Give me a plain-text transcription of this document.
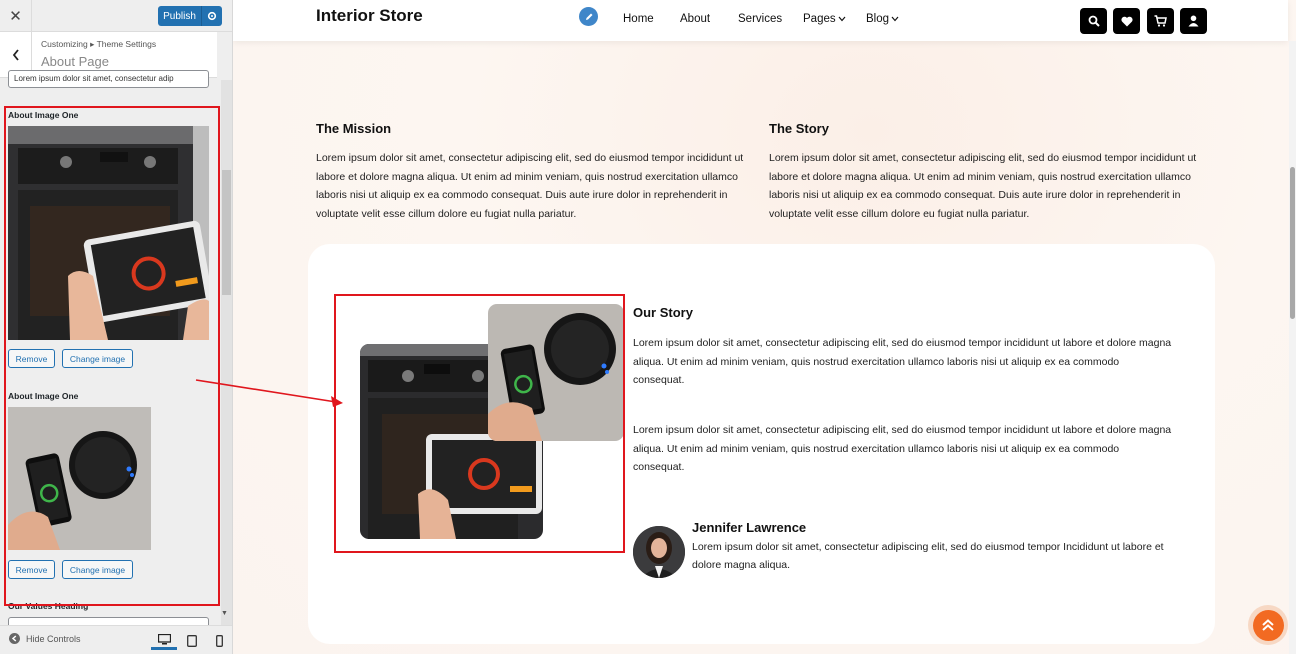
✕	Publish
Customizing ▸ Theme Settings
About Page
Lorem ipsum dolor sit amet, consectetur adip
About Image One
Remove	Change image
About Image One
Remove	Change image
Our Values Heading
▼
Hide Controls
Interior Store	Home About Services Pages	Blog
The Mission
Lorem ipsum dolor sit amet, consectetur adipiscing elit, sed do eiusmod tempor incididunt ut labore et dolore magna aliqua. Ut enim ad minim veniam, quis nostrud exercitation ullamco laboris nisi ut aliquip ex ea commodo consequat. Duis aute irure dolor in reprehenderit in voluptate velit esse cillum dolore eu fugiat nulla pariatur.
The Story
Lorem ipsum dolor sit amet, consectetur adipiscing elit, sed do eiusmod tempor incididunt ut labore et dolore magna aliqua. Ut enim ad minim veniam, quis nostrud exercitation ullamco laboris nisi ut aliquip ex ea commodo consequat. Duis aute irure dolor in reprehenderit in voluptate velit esse cillum dolore eu fugiat nulla pariatur.
Our Story
Lorem ipsum dolor sit amet, consectetur adipiscing elit, sed do eiusmod tempor incididunt ut labore et dolore magna aliqua. Ut enim ad minim veniam, quis nostrud exercitation ullamco laboris nisi ut aliquip ex ea commodo consequat.
Lorem ipsum dolor sit amet, consectetur adipiscing elit, sed do eiusmod tempor incididunt ut labore et dolore magna aliqua. Ut enim ad minim veniam, quis nostrud exercitation ullamco laboris nisi ut aliquip ex ea commodo consequat.
Jennifer Lawrence
Lorem ipsum dolor sit amet, consectetur adipiscing elit, sed do eiusmod tempor Incididunt ut labore et dolore magna aliqua.
